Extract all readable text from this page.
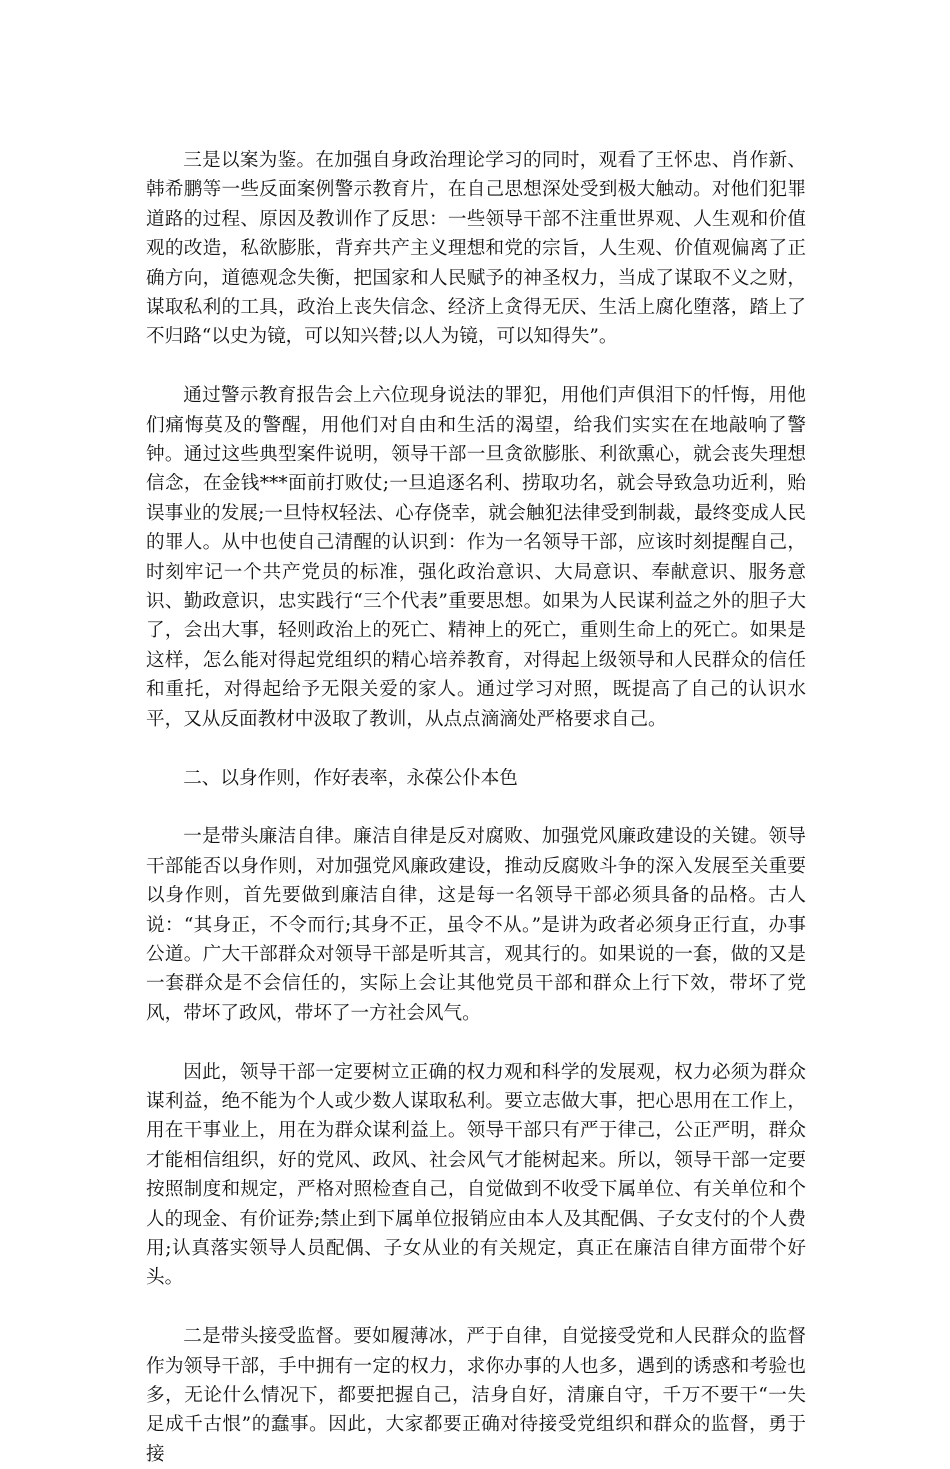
三是以案为鉴。在加强自身政治理论学习的同时，观看了王怀忠、肖作新、韩希鹏等一些反面案例警示教育片，在自己思想深处受到极大触动。对他们犯罪道路的过程、原因及教训作了反思：一些领导干部不注重世界观、人生观和价值观的改造，私欲膨胀，背弃共产主义理想和党的宗旨，人生观、价值观偏离了正确方向，道德观念失衡，把国家和人民赋予的神圣权力，当成了谋取不义之财，谋取私利的工具，政治上丧失信念、经济上贪得无厌、生活上腐化堕落，踏上了不归路“以史为镜，可以知兴替;以人为镜，可以知得失”。

通过警示教育报告会上六位现身说法的罪犯，用他们声俱泪下的忏悔，用他们痛悔莫及的警醒，用他们对自由和生活的渴望，给我们实实在在地敲响了警钟。通过这些典型案件说明，领导干部一旦贪欲膨胀、利欲熏心，就会丧失理想信念，在金钱***面前打败仗;一旦追逐名利、捞取功名，就会导致急功近利，贻误事业的发展;一旦恃权轻法、心存侥幸，就会触犯法律受到制裁，最终变成人民的罪人。从中也使自己清醒的认识到：作为一名领导干部，应该时刻提醒自己，时刻牢记一个共产党员的标准，强化政治意识、大局意识、奉献意识、服务意识、勤政意识，忠实践行“三个代表”重要思想。如果为人民谋利益之外的胆子大了，会出大事，轻则政治上的死亡、精神上的死亡，重则生命上的死亡。如果是这样，怎么能对得起党组织的精心培养教育，对得起上级领导和人民群众的信任和重托，对得起给予无限关爱的家人。通过学习对照，既提高了自己的认识水平，又从反面教材中汲取了教训，从点点滴滴处严格要求自己。

二、以身作则，作好表率，永葆公仆本色

一是带头廉洁自律。廉洁自律是反对腐败、加强党风廉政建设的关键。领导干部能否以身作则，对加强党风廉政建设，推动反腐败斗争的深入发展至关重要以身作则，首先要做到廉洁自律，这是每一名领导干部必须具备的品格。古人说：“其身正，不令而行;其身不正，虽令不从。”是讲为政者必须身正行直，办事公道。广大干部群众对领导干部是听其言，观其行的。如果说的一套，做的又是一套群众是不会信任的，实际上会让其他党员干部和群众上行下效，带坏了党风，带坏了政风，带坏了一方社会风气。

因此，领导干部一定要树立正确的权力观和科学的发展观，权力必须为群众谋利益，绝不能为个人或少数人谋取私利。要立志做大事，把心思用在工作上，用在干事业上，用在为群众谋利益上。领导干部只有严于律己，公正严明，群众才能相信组织，好的党风、政风、社会风气才能树起来。所以，领导干部一定要按照制度和规定，严格对照检查自己，自觉做到不收受下属单位、有关单位和个人的现金、有价证券;禁止到下属单位报销应由本人及其配偶、子女支付的个人费用;认真落实领导人员配偶、子女从业的有关规定，真正在廉洁自律方面带个好头。

二是带头接受监督。要如履薄冰，严于自律，自觉接受党和人民群众的监督作为领导干部，手中拥有一定的权力，求你办事的人也多，遇到的诱惑和考验也多，无论什么情况下，都要把握自己，洁身自好，清廉自守，千万不要干“一失足成千古恨”的蠢事。因此，大家都要正确对待接受党组织和群众的监督，勇于接
